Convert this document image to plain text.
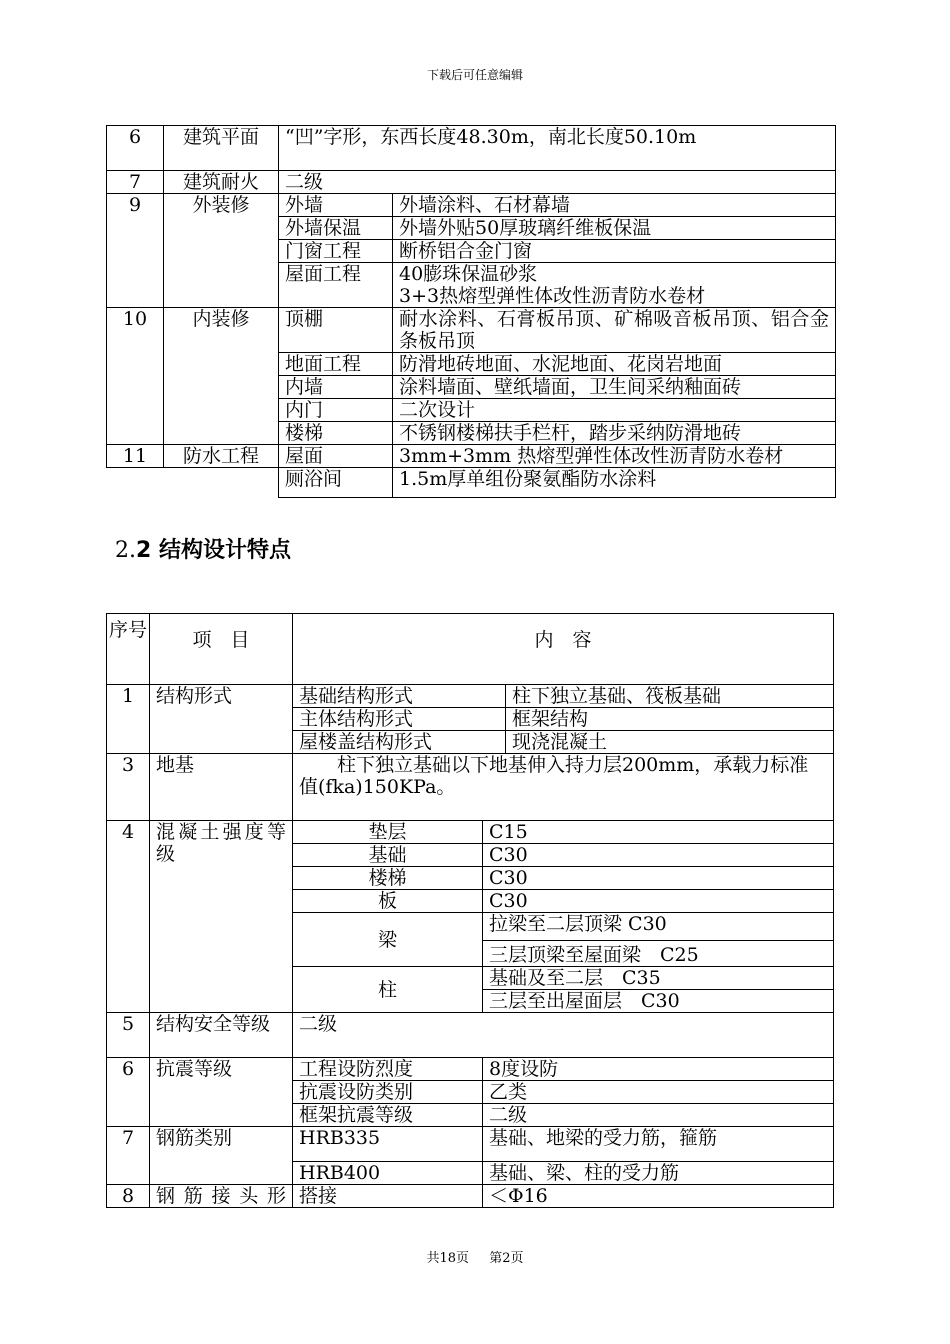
下载后可任意编辑
6	建筑平面	“凹”字形，东西长度48.30m，南北长度50.10m	
7	建筑耐火	二级	
9	外装修	外墙	外墙涂料、石材幕墙
		外墙保温	外墙外贴50厚玻璃纤维板保温
		门窗工程	断桥铝合金门窗
		屋面工程	40膨珠保温砂浆
3+3热熔型弹性体改性沥青防水卷材

10	内装修	顶棚	耐水涂料、石膏板吊顶、矿棉吸音板吊顶、铝合金条板吊顶
		地面工程	防滑地砖地面、水泥地面、花岗岩地面
		内墙	涂料墙面、壁纸墙面，卫生间采纳釉面砖
		内门	二次设计
		楼梯	不锈钢楼梯扶手栏杆，踏步采纳防滑地砖
11	防水工程	屋面	3mm+3mm 热熔型弹性体改性沥青防水卷材
		厕浴间	1.5m厚单组份聚氨酯防水涂料
2.2 结构设计特点
序号	项　目	内　容		
1	结构形式	基础结构形式		柱下独立基础、筏板基础
		主体结构形式		框架结构
		屋楼盖结构形式		现浇混凝土
3	地基	柱下独立基础以下地基伸入持力层200mm，承载力标准值(fka)150KPa。		
4	混凝土强度等级	垫层	C15	
		基础	C30	
		楼梯	C30	
		板	C30	
		梁	拉梁至二层顶梁 C30	
			三层顶梁至屋面梁　C25	
		柱	基础及至二层　C35	
			三层至出屋面层　C30	
5	结构安全等级	二级		
6	抗震等级	工程设防烈度	8度设防	
		抗震设防类别	乙类	
		框架抗震等级	二级	
7	钢筋类别	HRB335	基础、地梁的受力筋，箍筋	
		HRB400	基础、梁、柱的受力筋	
8	钢筋接头形	搭接	＜Φ16	
共18页 第2页
